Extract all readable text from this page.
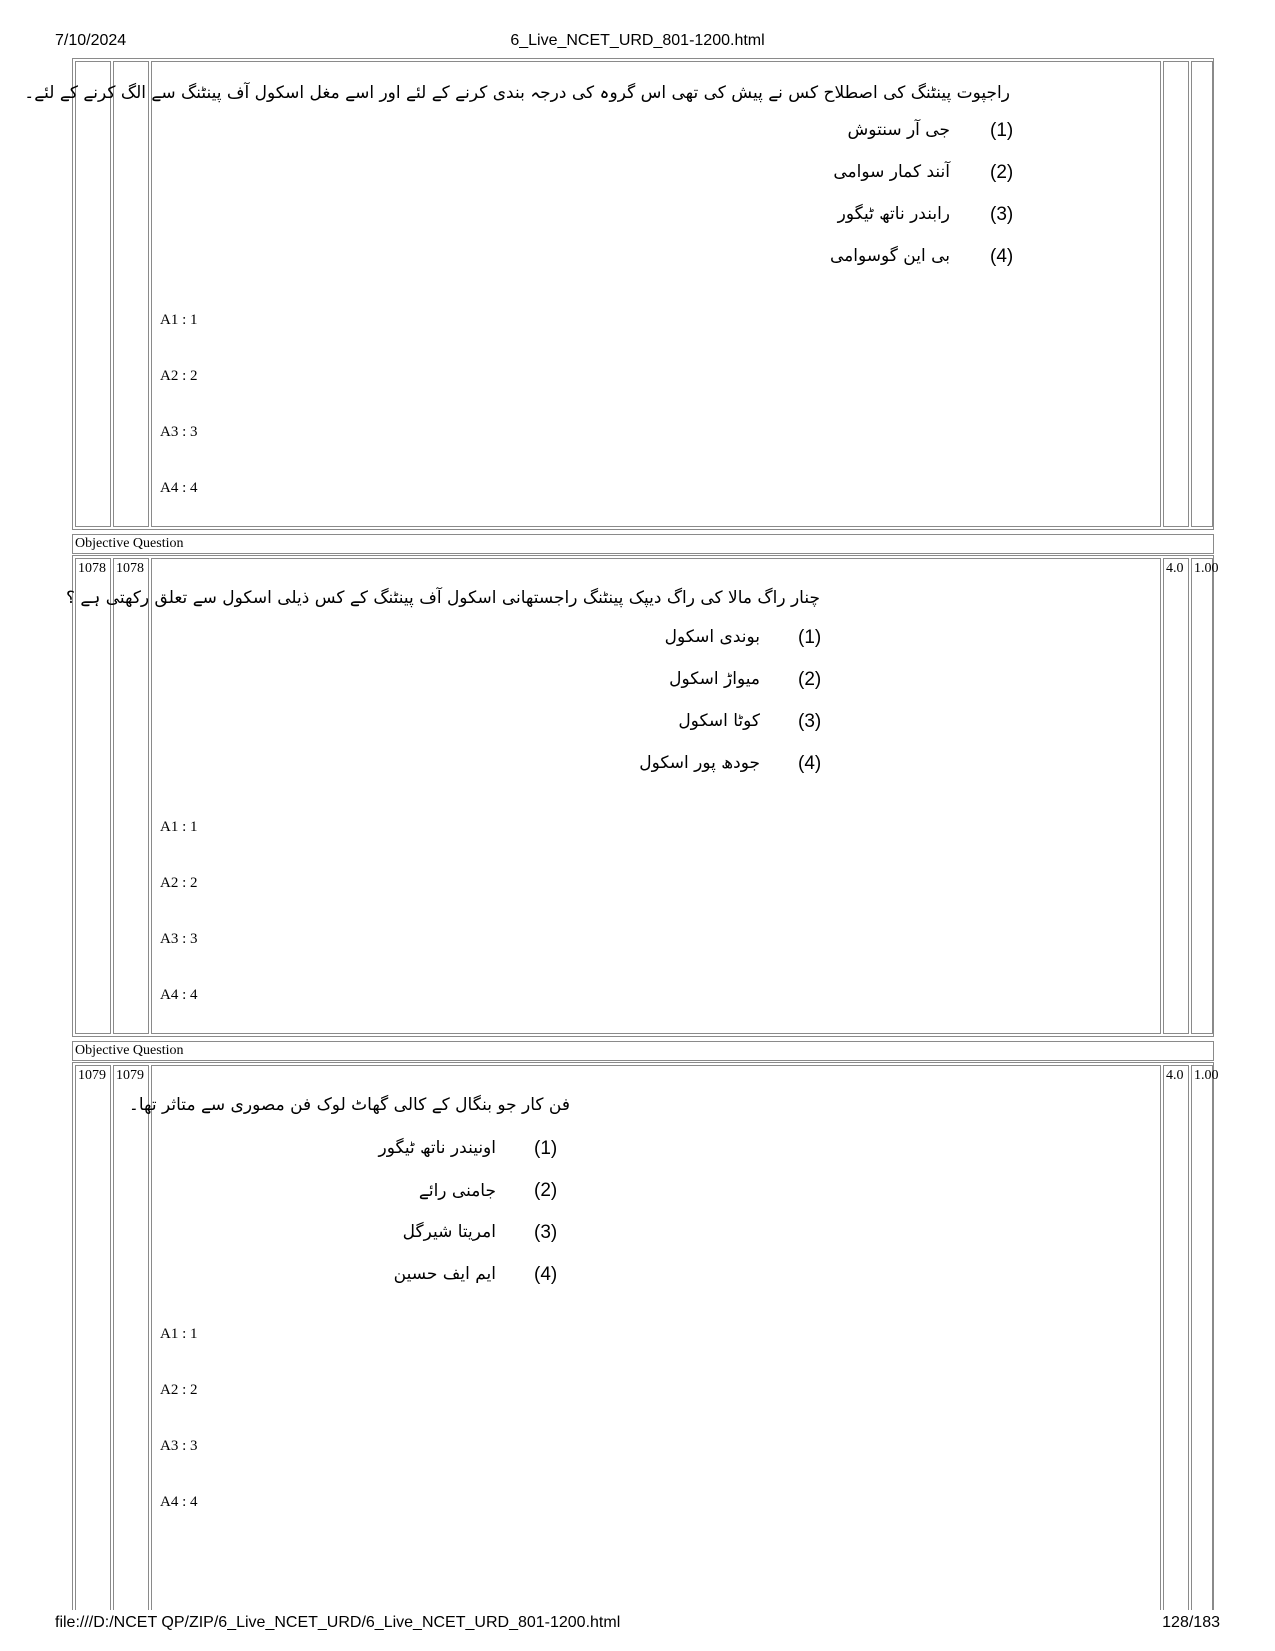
7/10/2024	6_Live_NCET_URD_801-1200.html
راجپوت پینٹنگ کی اصطلاح کس نے پیش کی تھی اس گروہ کی درجہ بندی کرنے کے لئے اور اسے مغل اسکول آف پینٹنگ سے الگ کرنے کے لئے۔
(1)
جی آر سنتوش
(2)
آنند کمار سوامی
(3)
رابندر ناتھ ٹیگور
(4)
بی این گوسوامی
A1 : 1
A2 : 2
A3 : 3
A4 : 4
Objective Question
1078 1078
چنار راگ مالا کی راگ دیپک پینٹنگ راجستھانی اسکول آف پینٹنگ کے کس ذیلی اسکول سے تعلق رکھتی ہے ؟
(1)
بوندی اسکول
(2)
میواڑ اسکول
(3)
کوٹا اسکول
(4)
جودھ پور اسکول
A1 : 1
A2 : 2
A3 : 3
A4 : 4
4.0 1.00
Objective Question
1079 1079
فن کار جو بنگال کے کالی گھاٹ لوک فن مصوری سے متاثر تھا۔
(1)
اونیندر ناتھ ٹیگور
(2)
جامنی رائے
(3)
امریتا شیرگل
(4)
ایم ایف حسین
A1 : 1
A2 : 2
A3 : 3
A4 : 4
4.0 1.00
file:///D:/NCET QP/ZIP/6_Live_NCET_URD/6_Live_NCET_URD_801-1200.html	128/183
